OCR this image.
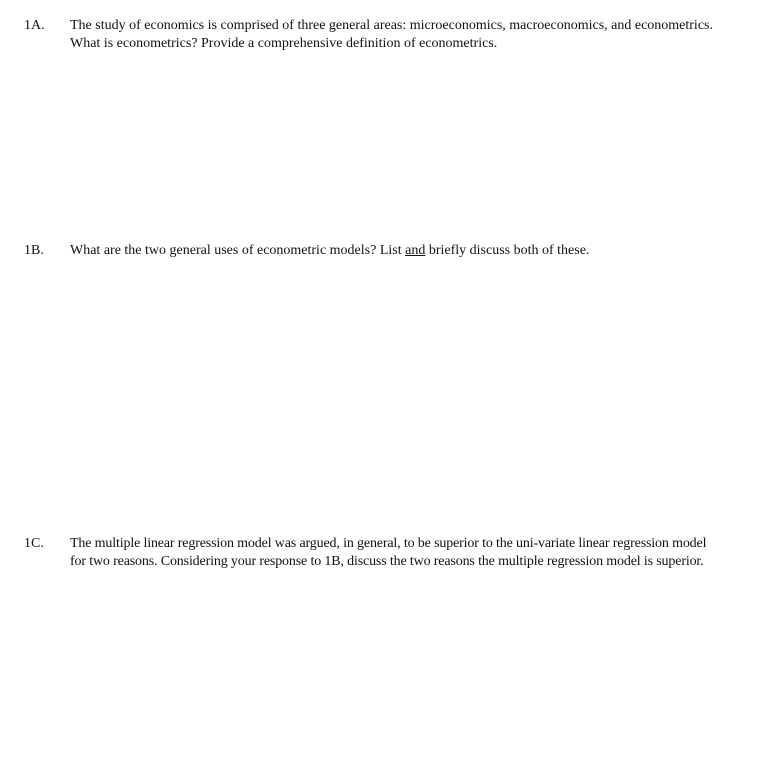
1A. The study of economics is comprised of three general areas: microeconomics, macroeconomics, and econometrics.
What is econometrics? Provide a comprehensive definition of econometrics.
1B. What are the two general uses of econometric models? List and briefly discuss both of these.
1C. The multiple linear regression model was argued, in general, to be superior to the uni-variate linear regression model
for two reasons. Considering your response to 1B, discuss the two reasons the multiple regression model is superior.
